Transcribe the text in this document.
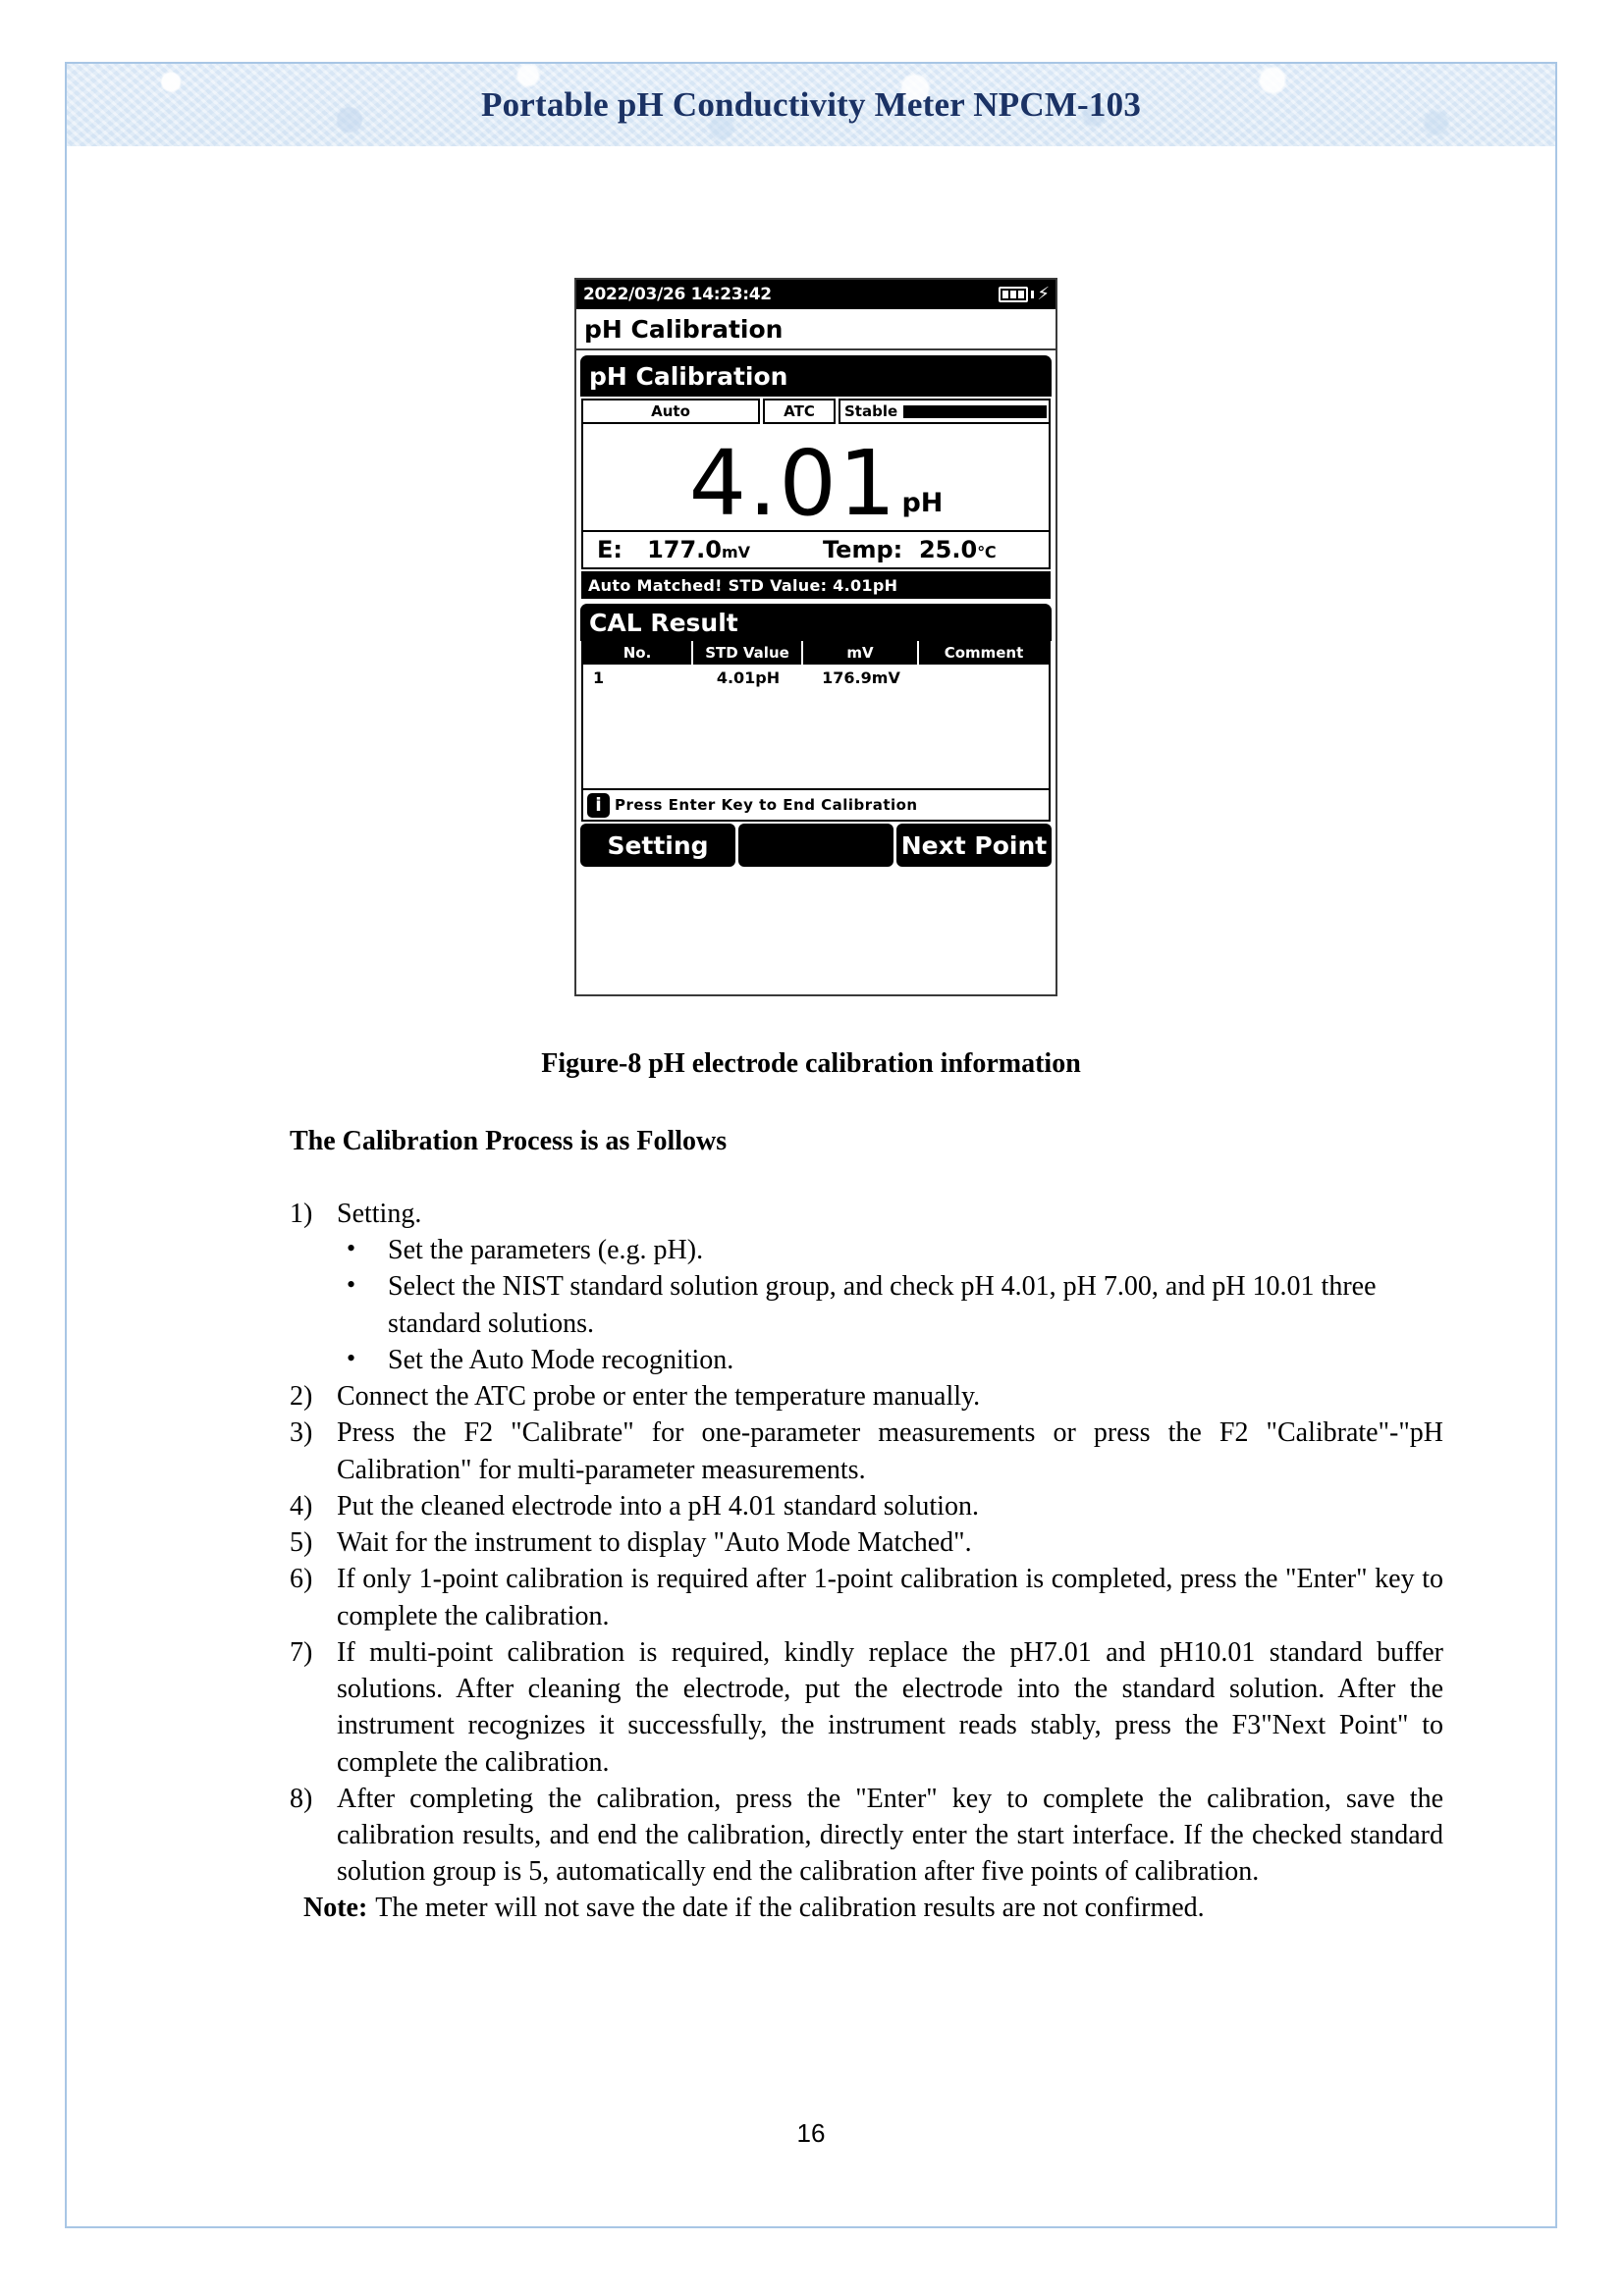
Portable pH Conductivity Meter NPCM-103
2022/03/26 14:23:42	⚡
pH Calibration
pH Calibration
Auto	ATC	Stable
4.01 pH
E: 177.0mV	Temp: 25.0℃
Auto Matched! STD Value: 4.01pH
CAL Result
No.	STD Value	mV	Comment
1	4.01pH	176.9mV
i Press Enter Key to End Calibration
Setting	Next Point
Figure-8 pH electrode calibration information
The Calibration Process is as Follows
1) Setting.
•	Set the parameters (e.g. pH).
•	Select the NIST standard solution group, and check pH 4.01, pH 7.00, and pH 10.01 three standard solutions.
•	Set the Auto Mode recognition.
2) Connect the ATC probe or enter the temperature manually.
3) Press the F2 "Calibrate" for one-parameter measurements or press the F2 "Calibrate"-"pH Calibration" for multi-parameter measurements.
4) Put the cleaned electrode into a pH 4.01 standard solution.
5) Wait for the instrument to display "Auto Mode Matched".
6) If only 1-point calibration is required after 1-point calibration is completed, press the "Enter" key to complete the calibration.
7) If multi-point calibration is required, kindly replace the pH7.01 and pH10.01 standard buffer solutions. After cleaning the electrode, put the electrode into the standard solution. After the instrument recognizes it successfully, the instrument reads stably, press the F3"Next Point" to complete the calibration.
8) After completing the calibration, press the "Enter" key to complete the calibration, save the calibration results, and end the calibration, directly enter the start interface. If the checked standard solution group is 5, automatically end the calibration after five points of calibration.
Note: The meter will not save the date if the calibration results are not confirmed.
16
